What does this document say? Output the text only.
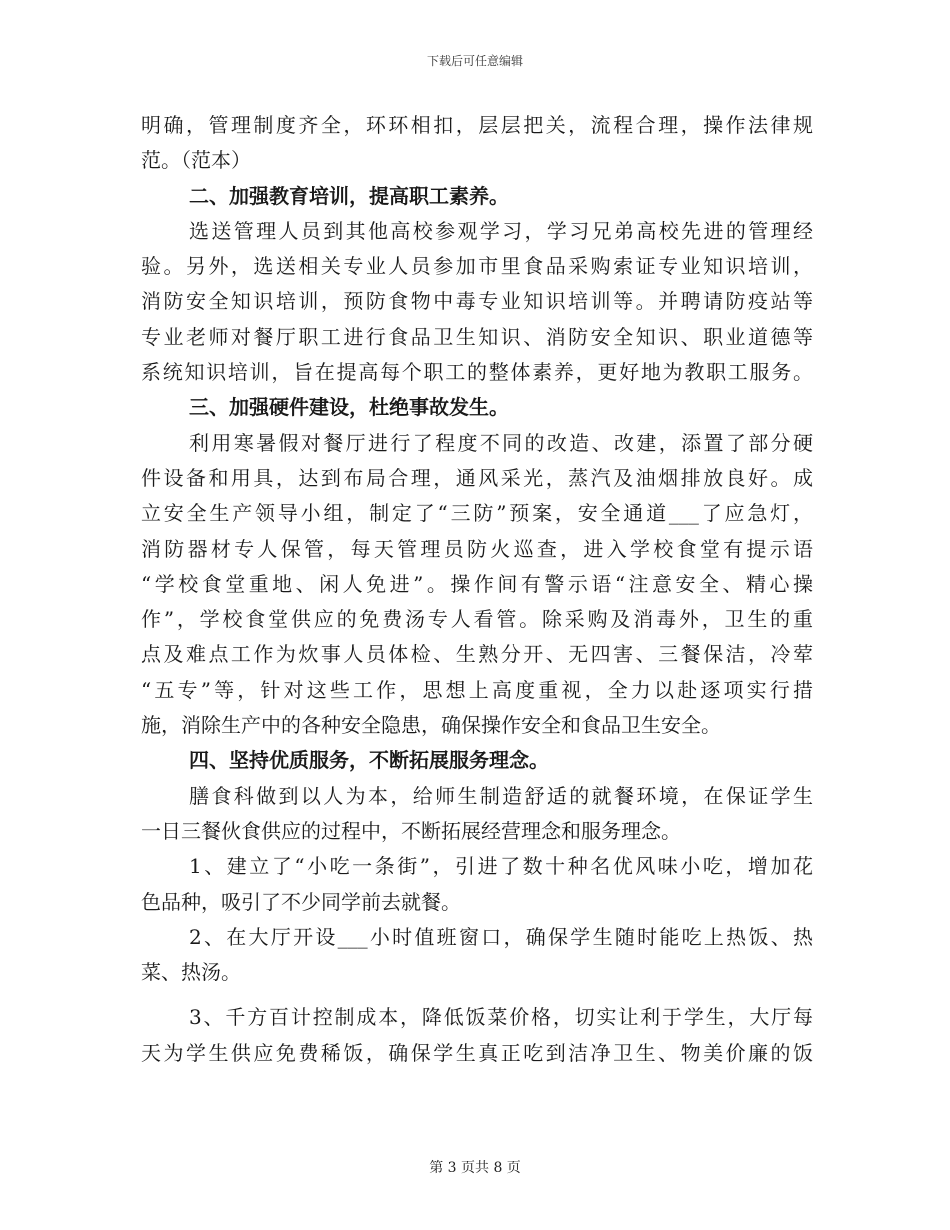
下载后可任意编辑
明确，管理制度齐全，环环相扣，层层把关，流程合理，操作法律规
范。（范本）
二、加强教育培训，提高职工素养。
选送管理人员到其他高校参观学习，学习兄弟高校先进的管理经
验。另外，选送相关专业人员参加市里食品采购索证专业知识培训，
消防安全知识培训，预防食物中毒专业知识培训等。并聘请防疫站等
专业老师对餐厅职工进行食品卫生知识、消防安全知识、职业道德等
系统知识培训，旨在提高每个职工的整体素养，更好地为教职工服务。
三、加强硬件建设，杜绝事故发生。
利用寒暑假对餐厅进行了程度不同的改造、改建，添置了部分硬
件设备和用具，达到布局合理，通风采光，蒸汽及油烟排放良好。成
立安全生产领导小组，制定了“三防”预案，安全通道___了应急灯，
消防器材专人保管，每天管理员防火巡查，进入学校食堂有提示语
“学校食堂重地、闲人免进”。操作间有警示语“注意安全、精心操
作”，学校食堂供应的免费汤专人看管。除采购及消毒外，卫生的重
点及难点工作为炊事人员体检、生熟分开、无四害、三餐保洁，冷荤
“五专”等，针对这些工作，思想上高度重视，全力以赴逐项实行措
施，消除生产中的各种安全隐患，确保操作安全和食品卫生安全。
四、坚持优质服务，不断拓展服务理念。
膳食科做到以人为本，给师生制造舒适的就餐环境，在保证学生
一日三餐伙食供应的过程中，不断拓展经营理念和服务理念。
1、建立了“小吃一条街”，引进了数十种名优风味小吃，增加花
色品种，吸引了不少同学前去就餐。
2、在大厅开设___小时值班窗口，确保学生随时能吃上热饭、热
菜、热汤。
3、千方百计控制成本，降低饭菜价格，切实让利于学生，大厅每
天为学生供应免费稀饭，确保学生真正吃到洁净卫生、物美价廉的饭
第 3 页共 8 页
